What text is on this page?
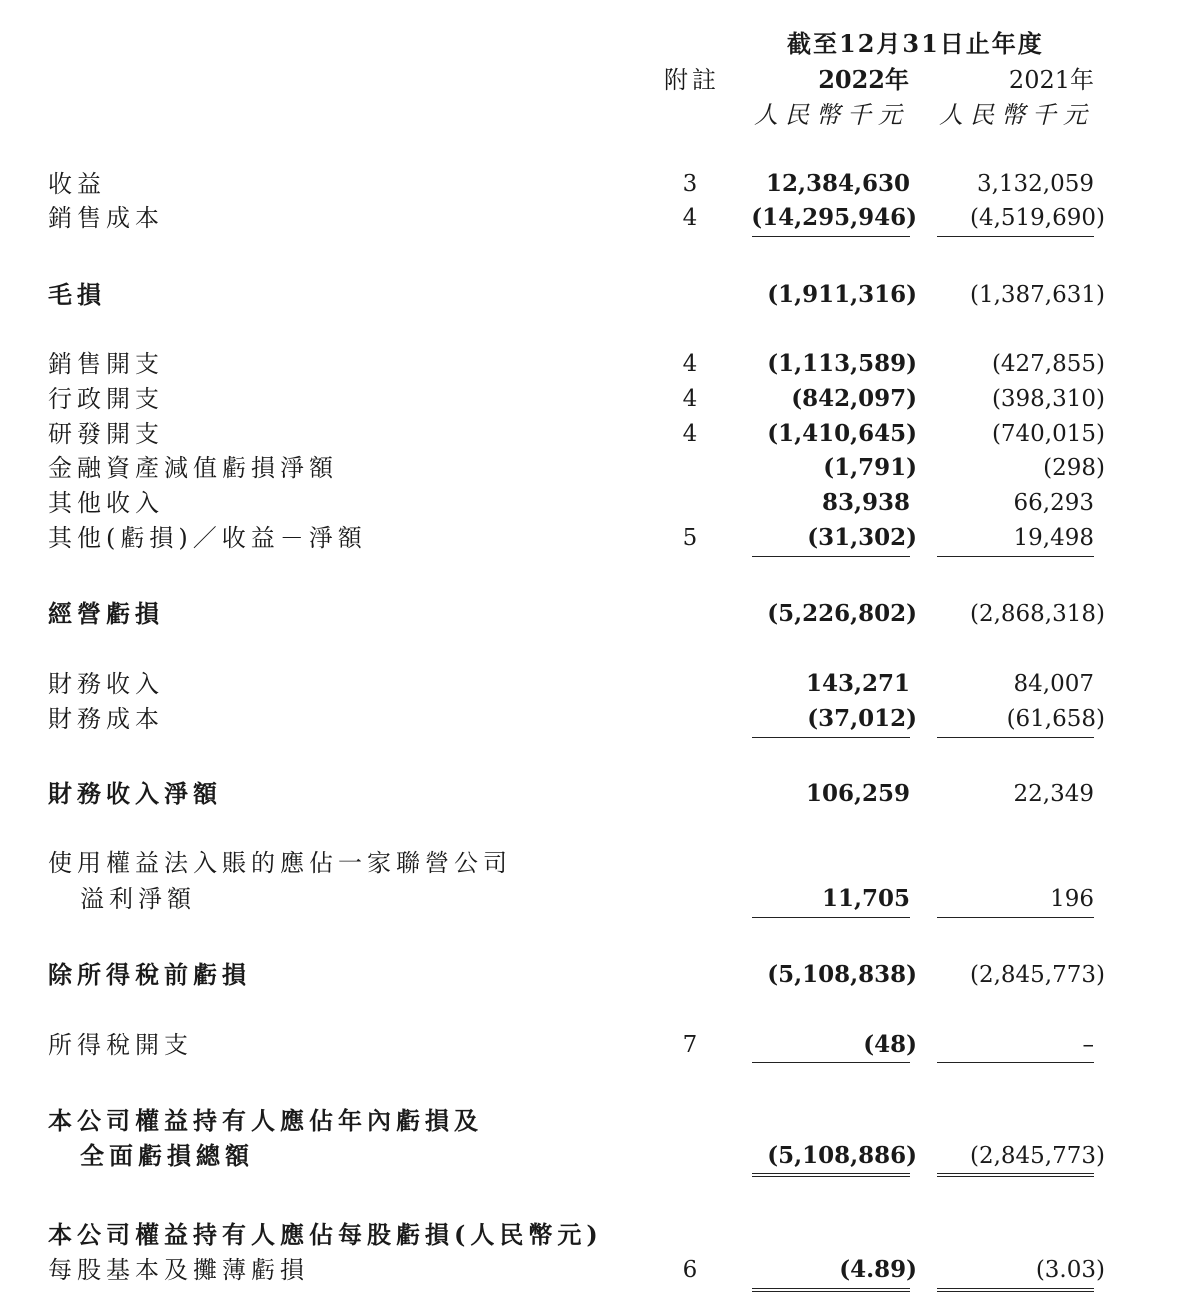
截至12月31日止年度
附註	2022年	2021年
人民幣千元 人民幣千元
收益	3	12,384,630	3,132,059
銷售成本	4	(14,295,946) (4,519,690)
毛損	(1,911,316) (1,387,631)
銷售開支	4	(1,113,589)	(427,855)
行政開支	4	(842,097)	(398,310)
研發開支	4	(1,410,645)	(740,015)
金融資產減值虧損淨額	(1,791)	(298)
其他收入	83,938	66,293
其他(虧損)／收益－淨額	5	(31,302)	19,498
經營虧損	(5,226,802) (2,868,318)
財務收入	143,271	84,007
財務成本	(37,012)	(61,658)
財務收入淨額	106,259	22,349
使用權益法入賬的應佔一家聯營公司
溢利淨額	11,705	196
除所得稅前虧損	(5,108,838) (2,845,773)
所得稅開支	7	(48)	–
本公司權益持有人應佔年內虧損及
全面虧損總額	(5,108,886) (2,845,773)
本公司權益持有人應佔每股虧損(人民幣元)
每股基本及攤薄虧損	6	(4.89)	(3.03)
